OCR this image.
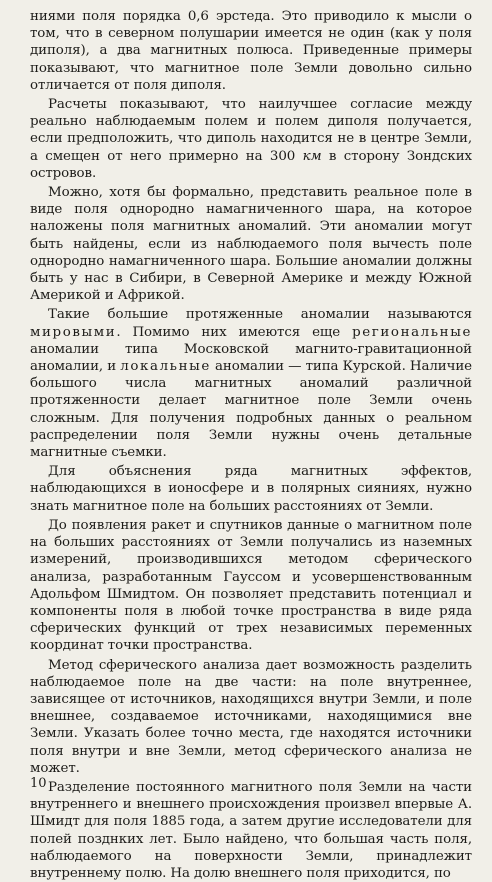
ниями поля порядка 0,6 эрстеда. Это приводило к мысли о том, что в северном полушарии имеется не один (как у поля диполя), а два магнитных полюса. Приведенные примеры показывают, что магнитное поле Земли довольно сильно отличается от поля диполя.

Расчеты показывают, что наилучшее согласие между реально наблюдаемым полем и полем диполя получается, если предположить, что диполь находится не в центре Земли, а смещен от него примерно на 300 км в сторону Зондских островов.

Можно, хотя бы формально, представить реальное поле в виде поля однородно намагниченного шара, на которое наложены поля магнитных аномалий. Эти аномалии могут быть найдены, если из наблюдаемого поля вычесть поле однородно намагниченного шара. Большие аномалии должны быть у нас в Сибири, в Северной Америке и между Южной Америкой и Африкой.

Такие большие протяженные аномалии называются мировыми. Помимо них имеются еще региональные аномалии типа Московской магнито-гравитационной аномалии, и локальные аномалии — типа Курской. Наличие большого числа магнитных аномалий различной протяженности делает магнитное поле Земли очень сложным. Для получения подробных данных о реальном распределении поля Земли нужны очень детальные магнитные съемки.

Для объяснения ряда магнитных эффектов, наблюдающихся в ионосфере и в полярных сияниях, нужно знать магнитное поле на больших расстояниях от Земли.

До появления ракет и спутников данные о магнитном поле на больших расстояниях от Земли получались из наземных измерений, производившихся методом сферического анализа, разработанным Гауссом и усовершенствованным Адольфом Шмидтом. Он позволяет представить потенциал и компоненты поля в любой точке пространства в виде ряда сферических функций от трех независимых переменных координат точки пространства.

Метод сферического анализа дает возможность разделить наблюдаемое поле на две части: на поле внутреннее, зависящее от источников, находящихся внутри Земли, и поле внешнее, создаваемое источниками, находящимися вне Земли. Указать более точно места, где находятся источники поля внутри и вне Земли, метод сферического анализа не может.

Разделение постоянного магнитного поля Земли на части внутреннего и внешнего происхождения произвел впервые А. Шмидт для поля 1885 года, а затем другие исследователи для полей позднких лет. Было найдено, что большая часть поля, наблюдаемого на поверхности Земли, принадлежит внутреннему полю. На долю внешнего поля приходится, по

10
